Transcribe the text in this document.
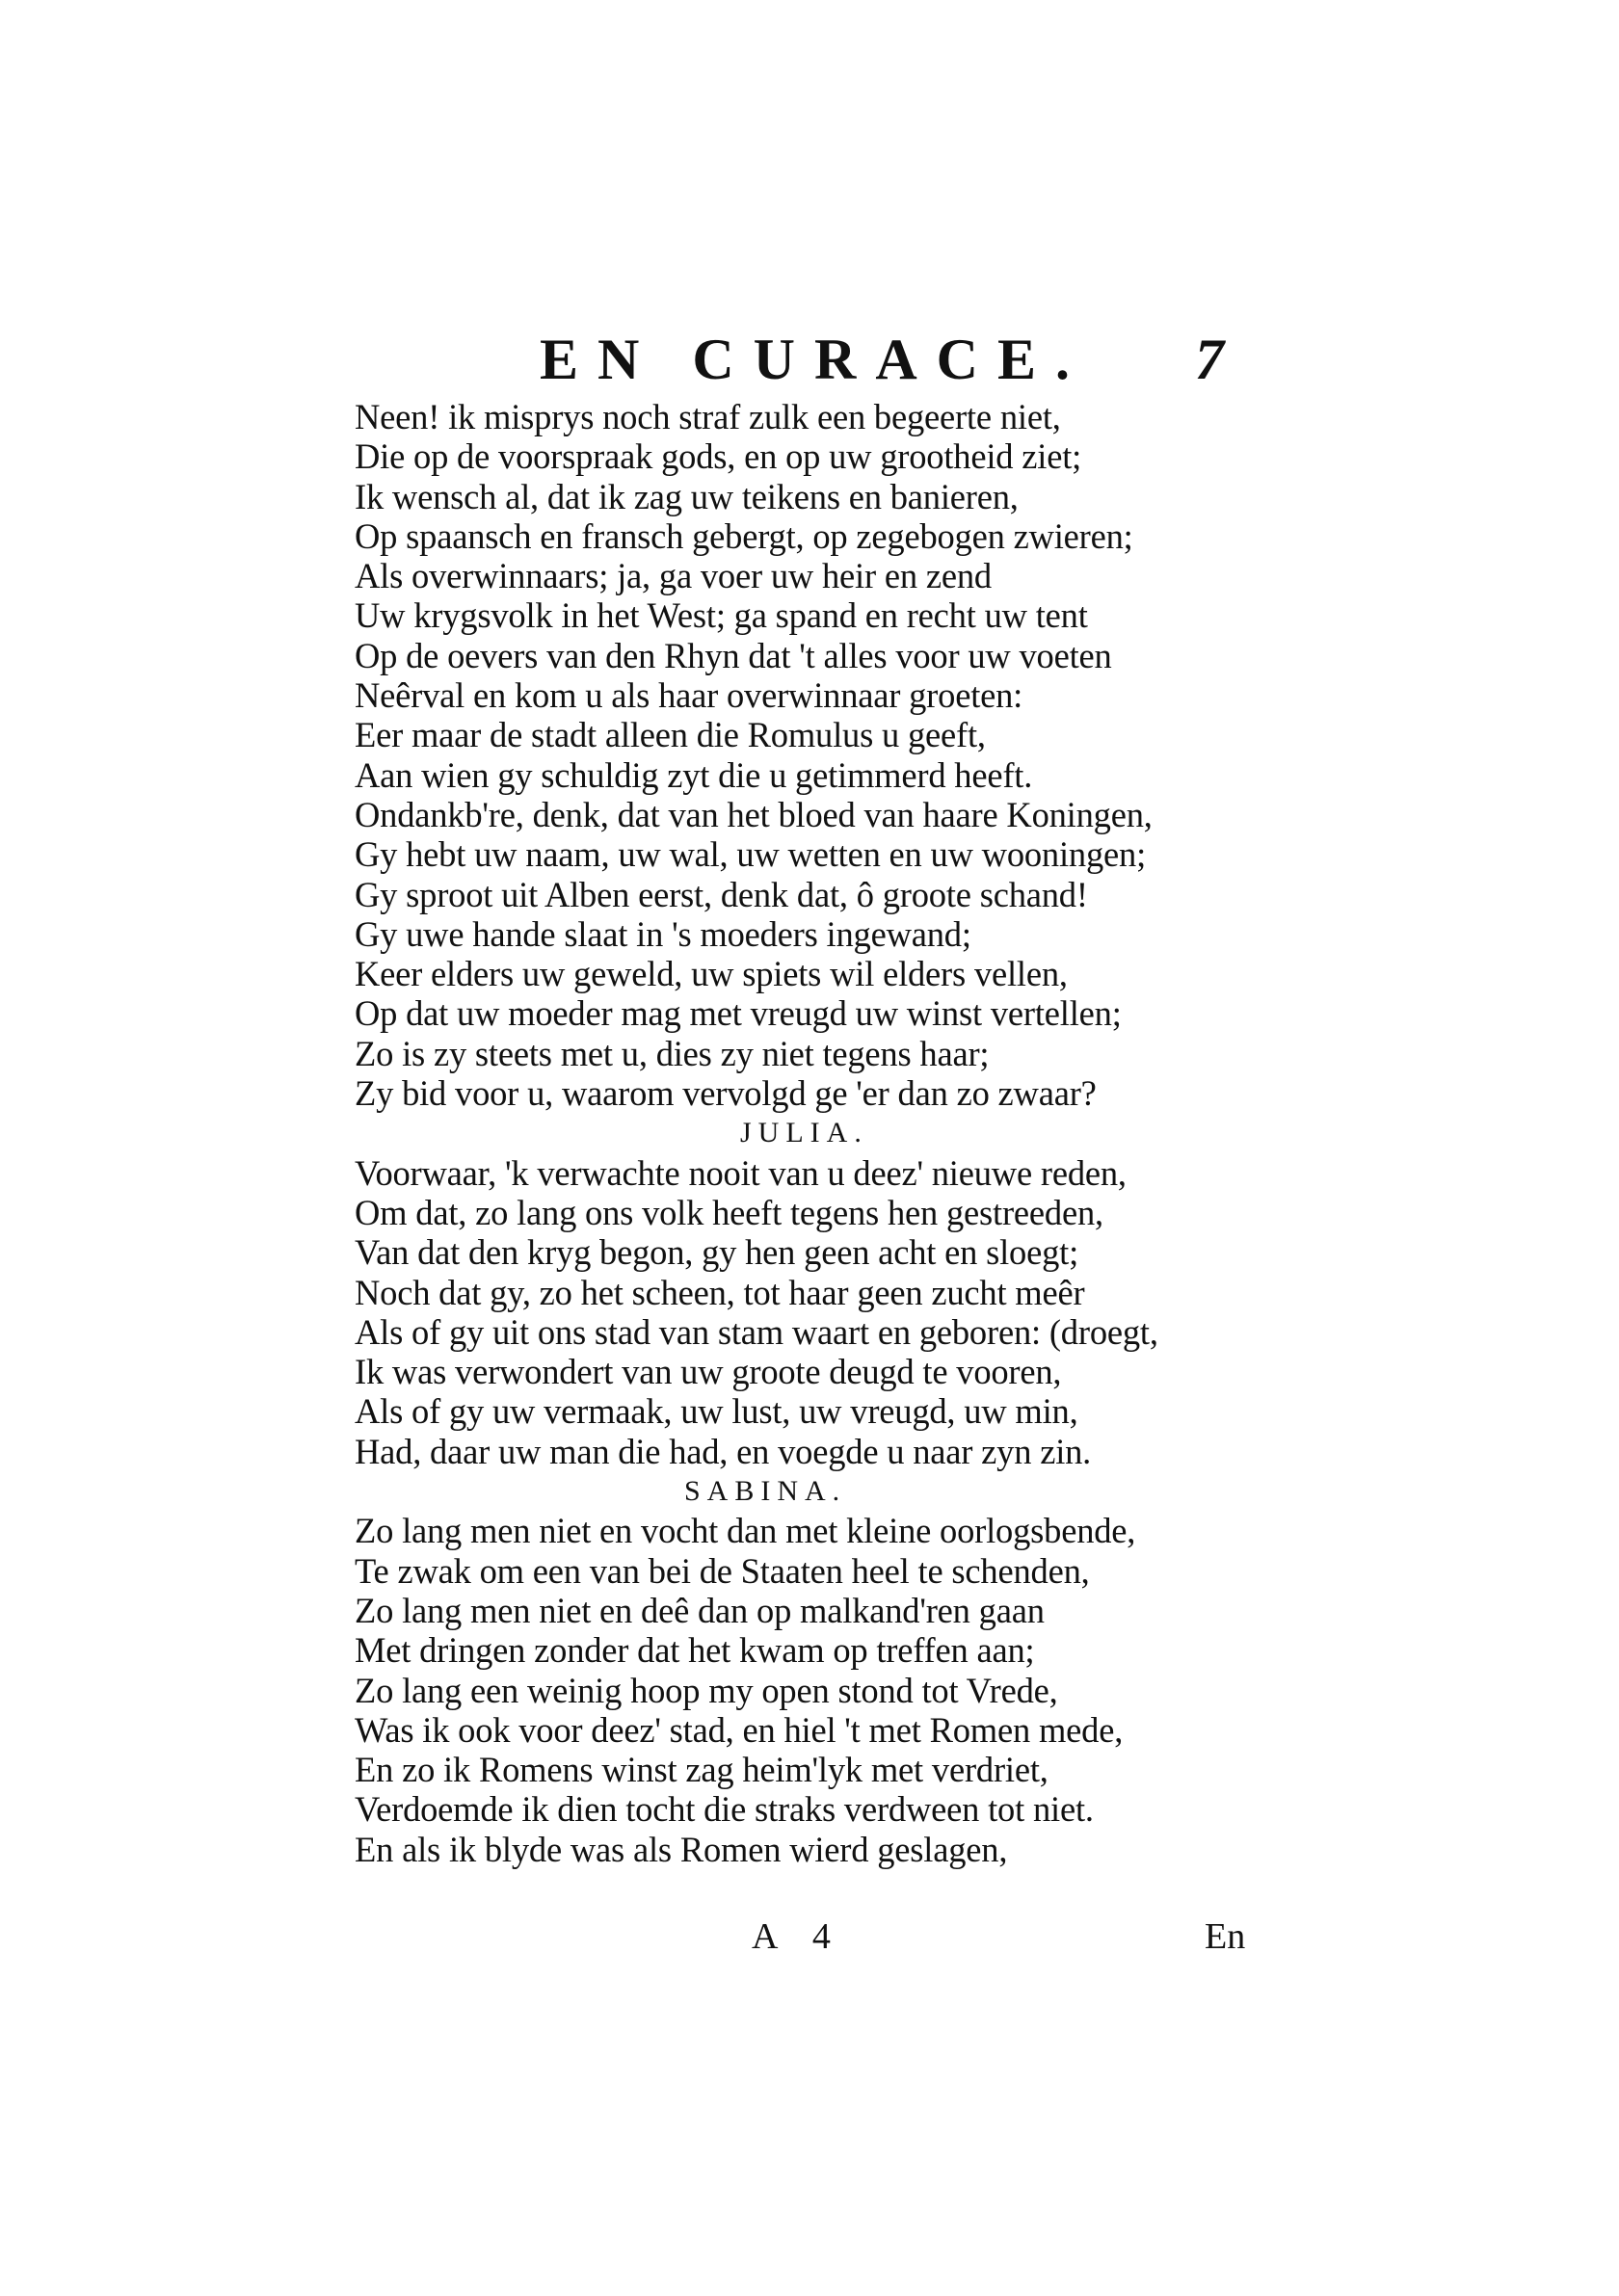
EN CURACE. 7
Neen! ik misprys noch straf zulk een begeerte niet,
Die op de voorspraak gods, en op uw grootheid ziet;
Ik wensch al, dat ik zag uw teikens en banieren,
Op spaansch en fransch gebergt, op zegebogen zwieren;
Als overwinnaars; ja, ga voer uw heir en zend
Uw krygsvolk in het West; ga spand en recht uw tent
Op de oevers van den Rhyn dat 't alles voor uw voeten
Neêrval en kom u als haar overwinnaar groeten:
Eer maar de stadt alleen die Romulus u geeft,
Aan wien gy schuldig zyt die u getimmerd heeft.
Ondankb're, denk, dat van het bloed van haare Koningen,
Gy hebt uw naam, uw wal, uw wetten en uw wooningen;
Gy sproot uit Alben eerst, denk dat, ô groote schand!
Gy uwe hande slaat in 's moeders ingewand;
Keer elders uw geweld, uw spiets wil elders vellen,
Op dat uw moeder mag met vreugd uw winst vertellen;
Zo is zy steets met u, dies zy niet tegens haar;
Zy bid voor u, waarom vervolgd ge 'er dan zo zwaar?
JULIA.
Voorwaar, 'k verwachte nooit van u deez' nieuwe reden,
Om dat, zo lang ons volk heeft tegens hen gestreeden,
Van dat den kryg begon, gy hen geen acht en sloegt;
Noch dat gy, zo het scheen, tot haar geen zucht meêr
Als of gy uit ons stad van stam waart en geboren: (droegt,
Ik was verwondert van uw groote deugd te vooren,
Als of gy uw vermaak, uw lust, uw vreugd, uw min,
Had, daar uw man die had, en voegde u naar zyn zin.
SABINA.
Zo lang men niet en vocht dan met kleine oorlogsbende,
Te zwak om een van bei de Staaten heel te schenden,
Zo lang men niet en deê dan op malkand'ren gaan
Met dringen zonder dat het kwam op treffen aan;
Zo lang een weinig hoop my open stond tot Vrede,
Was ik ook voor deez' stad, en hiel 't met Romen mede,
En zo ik Romens winst zag heim'lyk met verdriet,
Verdoemde ik dien tocht die straks verdween tot niet.
En als ik blyde was als Romen wierd geslagen,
A 4	En
